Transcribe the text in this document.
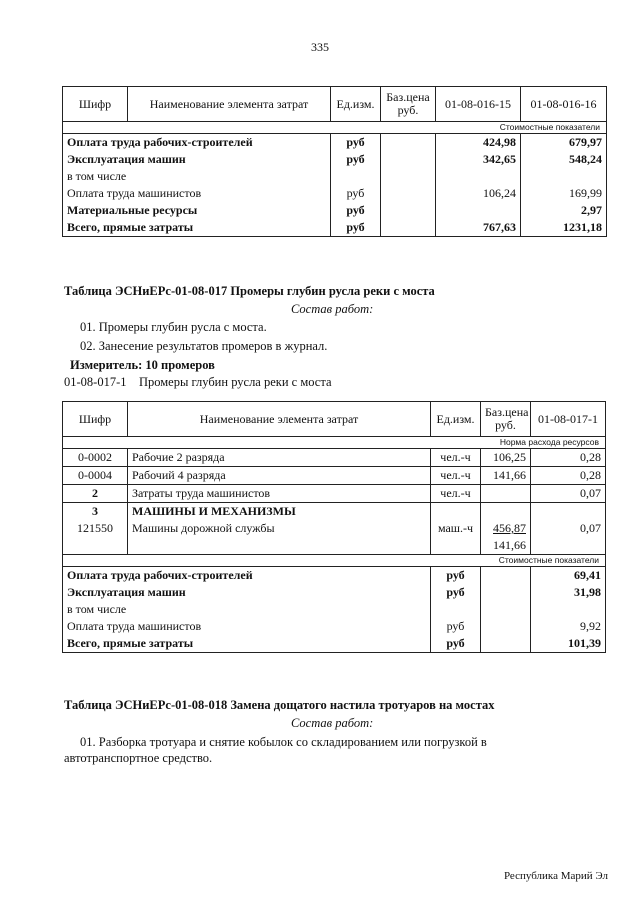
335
Шифр	Наименование элемента затрат	Ед.изм.	Баз.цена руб.	01-08-016-15	01-08-016-16
Стоимостные показатели					
Оплата труда рабочих-строителей		руб		424,98	679,97
Эксплуатация машин		руб		342,65	548,24
в том числе					
Оплата труда машинистов		руб		106,24	169,99
Материальные ресурсы		руб			2,97
Всего, прямые затраты		руб		767,63	1231,18
Таблица ЭСНиЕРс-01-08-017 Промеры глубин русла реки с моста
Состав работ:
01. Промеры глубин русла с моста.
02. Занесение результатов промеров в журнал.
Измеритель: 10 промеров
01-08-017-1    Промеры глубин русла реки с моста
Шифр	Наименование элемента затрат	Ед.изм.	Баз.цена руб.	01-08-017-1
Норма расхода ресурсов				
0-0002	Рабочие 2 разряда	чел.-ч	106,25	0,28
0-0004	Рабочий 4 разряда	чел.-ч	141,66	0,28
2	Затраты труда машинистов	чел.-ч		0,07
3	МАШИНЫ И МЕХАНИЗМЫ			
121550	Машины дорожной службы	маш.-ч	456,87	0,07
			141,66	
Стоимостные показатели				
Оплата труда рабочих-строителей		руб		69,41
Эксплуатация машин		руб		31,98
в том числе				
Оплата труда машинистов		руб		9,92
Всего, прямые затраты		руб		101,39
Таблица ЭСНиЕРс-01-08-018 Замена дощатого настила тротуаров на мостах
Состав работ:
01. Разборка тротуара и снятие кобылок со складированием или погрузкой в
автотранспортное средство.
Республика Марий Эл
